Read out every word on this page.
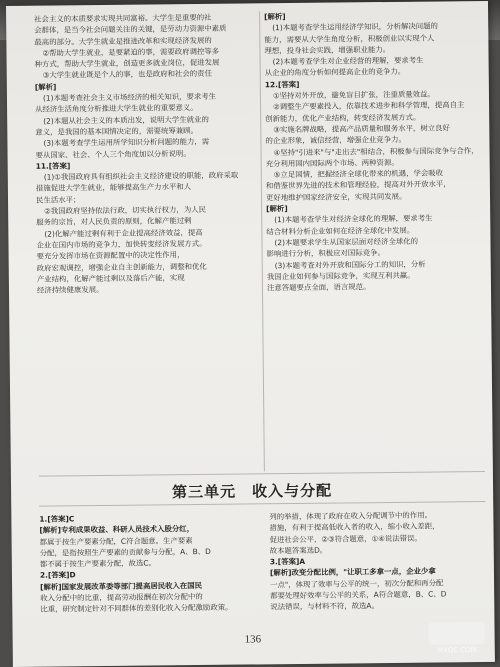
社会主义的本质要求实现共同富裕。大学生是重要的社
会群体，是当今社会问题关注的关键，是劳动力资源中素质
最高的部分。大学生就业是推进改革和实现经济发展的
②帮助大学生就业，是要紧迫的事，需要政府调控等多
种方式，帮助大学生就业，创造更多就业岗位，促进发展
③大学生就业既是个人的事，也是政府和社会的责任
[解析]
(1)本题考查社会主义市场经济的相关知识，要求考生
从经济生活角度分析推进大学生就业的重要意义。
(2)本题从社会主义的本质出发，说明大学生就业的
意义，是我国的基本国情决定的，需要统筹兼顾。
(3)本题考查学生运用所学知识分析问题的能力，需
要从国家、社会、个人三个角度加以分析说明。
11.[答案]
(1)①我国政府具有组织社会主义经济建设的职能，政府采取
措施促进大学生就业，能够提高生产力水平和人
民生活水平；
②我国政府坚持依法行政，切实执行权力，为人民
服务的宗旨，对人民负责的原则，化解产能过剩
(2)化解产能过剩有利于企业提高经济效益，提高
企业在国内市场的竞争力，加快转变经济发展方式。
要充分发挥市场在资源配置中的决定性作用，
政府宏观调控，增强企业自主创新能力，调整和优化
产业结构，化解产能过剩以及落后产能，实现
经济持续健康发展。
[解析]
(1)本题考查学生运用经济学知识，分析解决问题的
能力，需要从大学生角度分析，积极创业以实现个人
理想，投身社会实践，增强职业能力。
(2)本题考查学生对企业经营的理解，要求考生
从企业的角度分析如何提高企业的竞争力。
12.[答案]
①坚持对外开放，避免盲目扩张，注重质量效益。
②调整生产要素投入，依靠技术进步和科学管理，提高自主
创新能力，优化产业结构，转变经济发展方式。
③实施名牌战略，提高产品质量和服务水平，树立良好
的企业形象，诚信经营，增强企业竞争力。
④坚持"引进来"与"走出去"相结合，积极参与国际竞争与合作，
充分利用国内国际两个市场、两种资源。
⑤立足国情，把握经济全球化带来的机遇，学会吸收
和借鉴世界先进的技术和管理经验，提高对外开放水平，
更好地维护国家经济安全，实现共同发展。
[解析]
(1)本题考查学生对经济全球化的理解，要求考生
结合材料分析企业如何在经济全球化中发展。
(2)本题要求学生从国家层面对经济全球化的
影响进行分析，积极应对国际竞争。
(3)本题考查对外开放和国际分工的知识，分析
我国企业如何参与国际竞争，实现互利共赢。
注意答题要点全面，语言规范。
第三单元　收入与分配
1.[答案]C
[解析]专利成果收益、科研人员技术入股分红，
都属于按生产要素分配，C符合题意。生产要素
分配，是指按照生产要素的贡献参与分配，A、B、D
都不属于按生产要素分配，故选C。
2.[答案]D
[解析]国家发展改革委等部门提高居民收入在国民
收入分配中的比重，提高劳动报酬在初次分配中的
比重，研究制定针对不同群体的差别化收入分配激励政策。
列的举措，体现了政府在收入分配调节中的作用。
措施，有利于提高低收入者的收入，缩小收入差距，
促进社会公平，②③符合题意，①④说法错误。
故本题答案选D。
3.[答案]A
[解析]改变分配比例，"让职工多拿一点，企业少拿
一点"，体现了效率与公平的统一，初次分配和再分配
都要处理好效率与公平的关系，A符合题意，B、C、D
说法错误，与材料不符，故选A。
136
MXQE.COM
